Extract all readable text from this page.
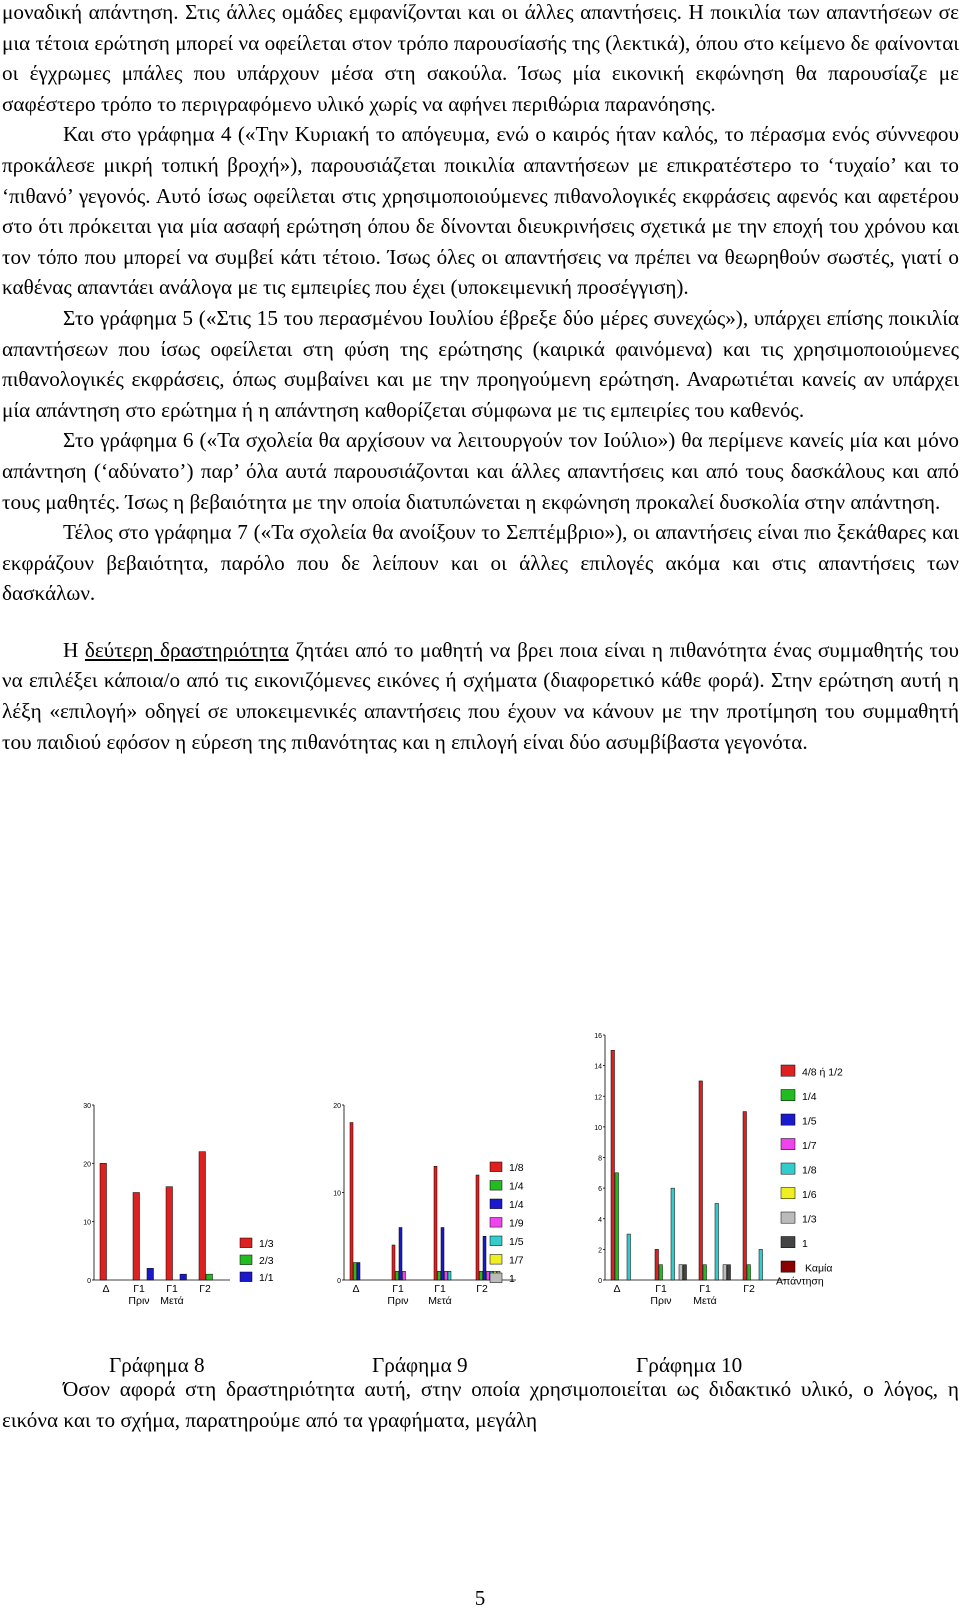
μοναδική απάντηση. Στις άλλες ομάδες εμφανίζονται και οι άλλες απαντήσεις. Η ποικιλία των απαντήσεων σε μια τέτοια ερώτηση μπορεί να οφείλεται στον τρόπο παρουσίασής της (λεκτικά), όπου στο κείμενο δε φαίνονται οι έγχρωμες μπάλες που υπάρχουν μέσα στη σακούλα. Ίσως μία εικονική εκφώνηση θα παρουσίαζε με σαφέστερο τρόπο το περιγραφόμενο υλικό χωρίς να αφήνει περιθώρια παρανόησης.

Και στο γράφημα 4 («Την Κυριακή το απόγευμα, ενώ ο καιρός ήταν καλός, το πέρασμα ενός σύννεφου προκάλεσε μικρή τοπική βροχή»), παρουσιάζεται ποικιλία απαντήσεων με επικρατέστερο το ‘τυχαίο’ και το ‘πιθανό’ γεγονός. Αυτό ίσως οφείλεται στις χρησιμοποιούμενες πιθανολογικές εκφράσεις αφενός και αφετέρου στο ότι πρόκειται για μία ασαφή ερώτηση όπου δε δίνονται διευκρινήσεις σχετικά με την εποχή του χρόνου και τον τόπο που μπορεί να συμβεί κάτι τέτοιο. Ίσως όλες οι απαντήσεις να πρέπει να θεωρηθούν σωστές, γιατί ο καθένας απαντάει ανάλογα με τις εμπειρίες που έχει (υποκειμενική προσέγγιση).

Στο γράφημα 5 («Στις 15 του περασμένου Ιουλίου έβρεξε δύο μέρες συνεχώς»), υπάρχει επίσης ποικιλία απαντήσεων που ίσως οφείλεται στη φύση της ερώτησης (καιρικά φαινόμενα) και τις χρησιμοποιούμενες πιθανολογικές εκφράσεις, όπως συμβαίνει και με την προηγούμενη ερώτηση. Αναρωτιέται κανείς αν υπάρχει μία απάντηση στο ερώτημα ή η απάντηση καθορίζεται σύμφωνα με τις εμπειρίες του καθενός.

Στο γράφημα 6 («Τα σχολεία θα αρχίσουν να λειτουργούν τον Ιούλιο») θα περίμενε κανείς μία και μόνο απάντηση (‘αδύνατο’) παρ’ όλα αυτά παρουσιάζονται και άλλες απαντήσεις και από τους δασκάλους και από τους μαθητές. Ίσως η βεβαιότητα με την οποία διατυπώνεται η εκφώνηση προκαλεί δυσκολία στην απάντηση.

Τέλος στο γράφημα 7 («Τα σχολεία θα ανοίξουν το Σεπτέμβριο»), οι απαντήσεις είναι πιο ξεκάθαρες και εκφράζουν βεβαιότητα, παρόλο που δε λείπουν και οι άλλες επιλογές ακόμα και στις απαντήσεις των δασκάλων.

Η δεύτερη δραστηριότητα ζητάει από το μαθητή να βρει ποια είναι η πιθανότητα ένας συμμαθητής του να επιλέξει κάποια/ο από τις εικονιζόμενες εικόνες ή σχήματα (διαφορετικό κάθε φορά). Στην ερώτηση αυτή η λέξη «επιλογή» οδηγεί σε υποκειμενικές απαντήσεις που έχουν να κάνουν με την προτίμηση του συμμαθητή του παιδιού εφόσον η εύρεση της πιθανότητας και η επιλογή είναι δύο ασυμβίβαστα γεγονότα.

0
10
20
30
Δ Γ1
Πριν
Γ1
Μετά
Γ2
1/3
2/3
1/1	0
10
20
Δ	Γ1
Πριν
Γ1
Μετά
Γ2
1/8
1/4
1/4
1/9
1/5
1/7
1	0
2
4
6
8
10
12
14
16
Δ	Γ1
Πριν
Γ1
Μετά
Γ2
4/8 ή 1/2
1/4
1/5
1/7
1/8
1/6
1/3
1
Καμία
Απάντηση
Γράφημα 8	Γράφημα 9	Γράφημα 10

Όσον αφορά στη δραστηριότητα αυτή, στην οποία χρησιμοποιείται ως διδακτικό υλικό, ο λόγος, η εικόνα και το σχήμα, παρατηρούμε από τα γραφήματα, μεγάλη

5
